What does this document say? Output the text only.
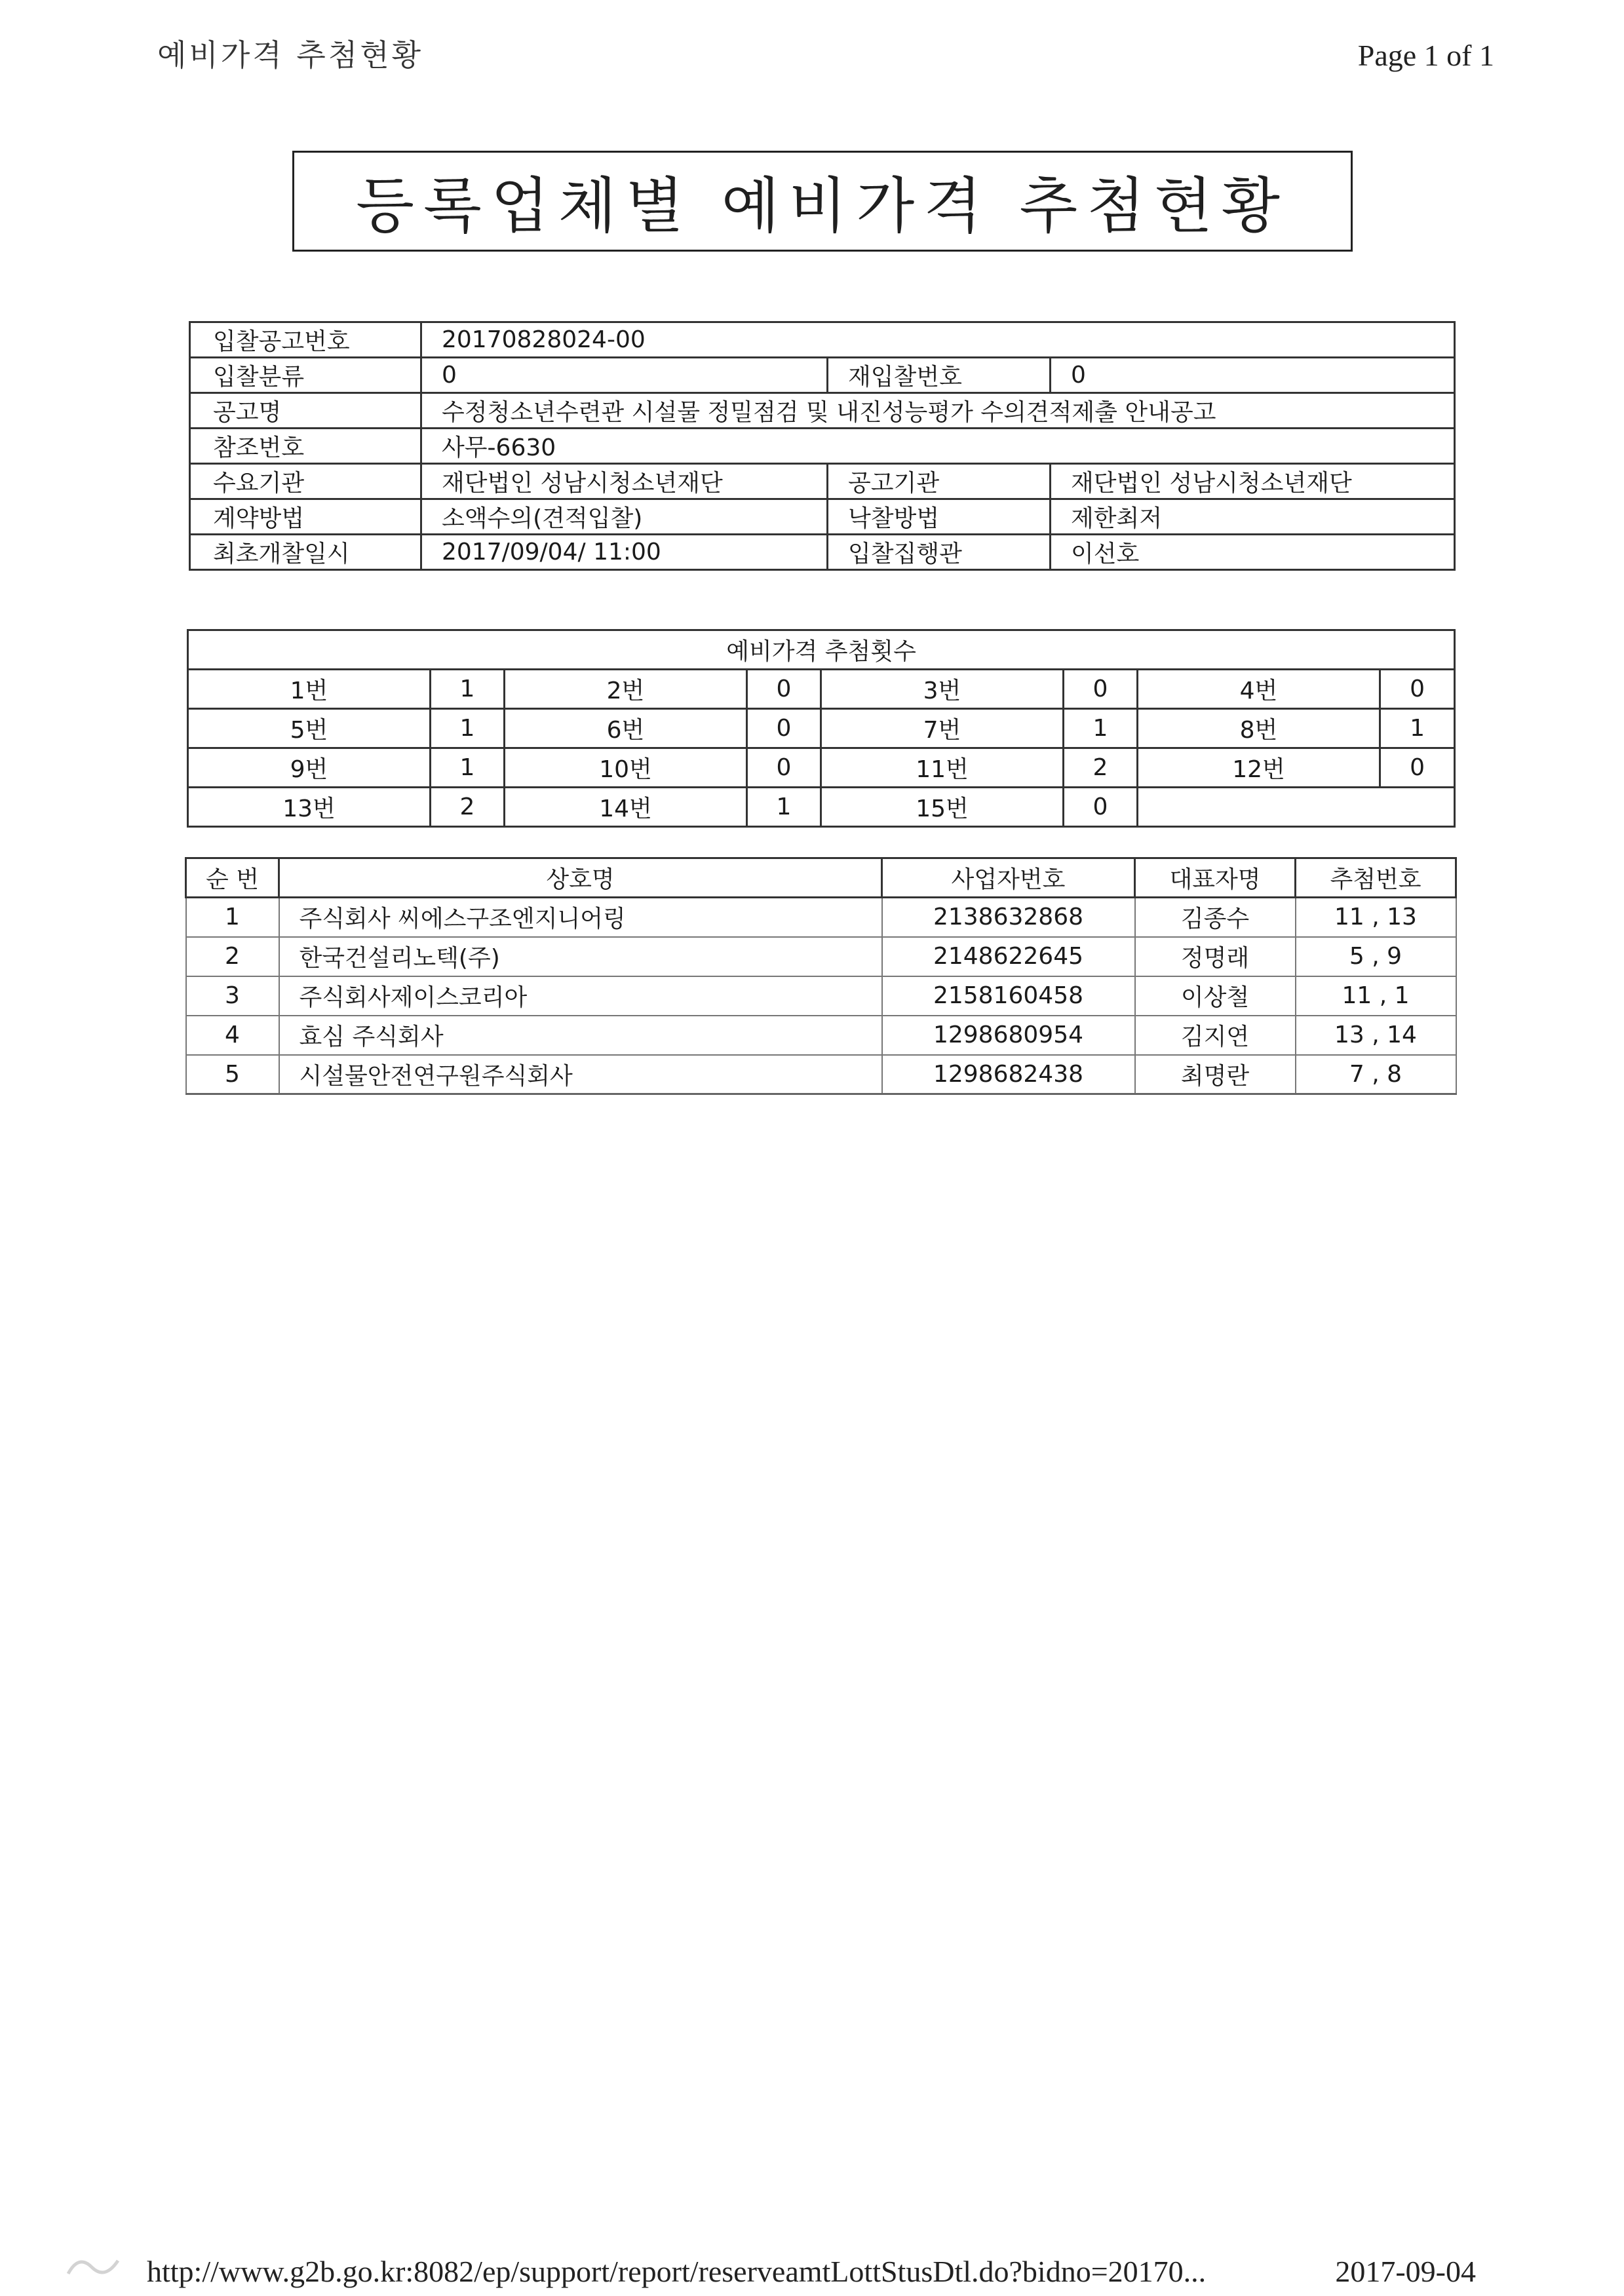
예비가격 추첨현황	Page 1 of 1
등록업체별 예비가격 추첨현황
입찰공고번호	20170828024-00		
입찰분류	0	재입찰번호	0
공고명	수정청소년수련관 시설물 정밀점검 및 내진성능평가 수의견적제출 안내공고		
참조번호	사무-6630		
수요기관	재단법인 성남시청소년재단	공고기관	재단법인 성남시청소년재단
계약방법	소액수의(견적입찰)	낙찰방법	제한최저
최초개찰일시	2017/09/04/ 11:00	입찰집행관	이선호
예비가격 추첨횟수							
1번	1	2번	0	3번	0	4번	0
5번	1	6번	0	7번	1	8번	1
9번	1	10번	0	11번	2	12번	0
13번	2	14번	1	15번	0		
순 번	상호명	사업자번호	대표자명	추첨번호
1	주식회사 씨에스구조엔지니어링	2138632868	김종수	11 , 13
2	한국건설리노텍(주)	2148622645	정명래	5 , 9
3	주식회사제이스코리아	2158160458	이상철	11 , 1
4	효심 주식회사	1298680954	김지연	13 , 14
5	시설물안전연구원주식회사	1298682438	최명란	7 , 8
http://www.g2b.go.kr:8082/ep/support/report/reserveamtLottStusDtl.do?bidno=20170...	2017-09-04
